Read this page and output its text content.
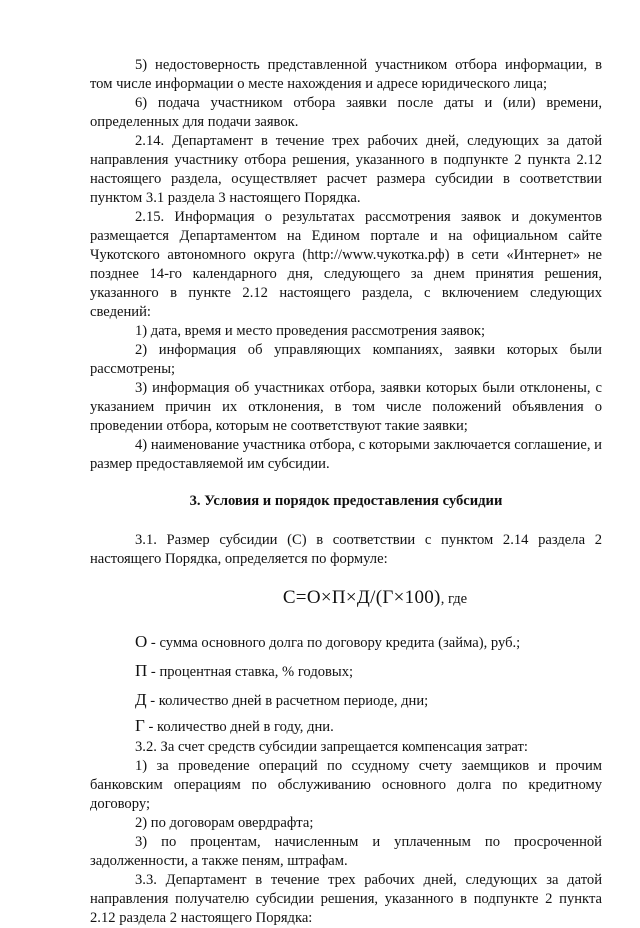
5) недостоверность представленной участником отбора информации, в том числе информации о месте нахождения и адресе юридического лица;

6) подача участником отбора заявки после даты и (или) времени, определенных для подачи заявок.

2.14. Департамент в течение трех рабочих дней, следующих за датой направления участнику отбора решения, указанного в подпункте 2 пункта 2.12 настоящего раздела, осуществляет расчет размера субсидии в соответствии пунктом 3.1 раздела 3 настоящего Порядка.

2.15. Информация о результатах рассмотрения заявок и документов размещается Департаментом на Едином портале и на официальном сайте Чукотского автономного округа (http://www.чукотка.рф) в сети «Интернет» не позднее 14-го календарного дня, следующего за днем принятия решения, указанного в пункте 2.12 настоящего раздела, с включением следующих сведений:

1) дата, время и место проведения рассмотрения заявок;

2) информация об управляющих компаниях, заявки которых были рассмотрены;

3) информация об участниках отбора, заявки которых были отклонены, с указанием причин их отклонения, в том числе положений объявления о проведении отбора, которым не соответствуют такие заявки;

4) наименование участника отбора, с которыми заключается соглашение, и размер предоставляемой им субсидии.

3. Условия и порядок предоставления субсидии

3.1. Размер субсидии (С) в соответствии с пунктом 2.14 раздела 2 настоящего Порядка, определяется по формуле:

С=О×П×Д/(Г×100), где

О - сумма основного долга по договору кредита (займа), руб.;

П - процентная ставка, % годовых;

Д - количество дней в расчетном периоде, дни;

Г - количество дней в году, дни.

3.2. За счет средств субсидии запрещается компенсация затрат:

1) за проведение операций по ссудному счету заемщиков и прочим банковским операциям по обслуживанию основного долга по кредитному договору;

2) по договорам овердрафта;

3) по процентам, начисленным и уплаченным по просроченной задолженности, а также пеням, штрафам.

3.3. Департамент в течение трех рабочих дней, следующих за датой направления получателю субсидии решения, указанного в подпункте 2 пункта 2.12 раздела 2 настоящего Порядка:
